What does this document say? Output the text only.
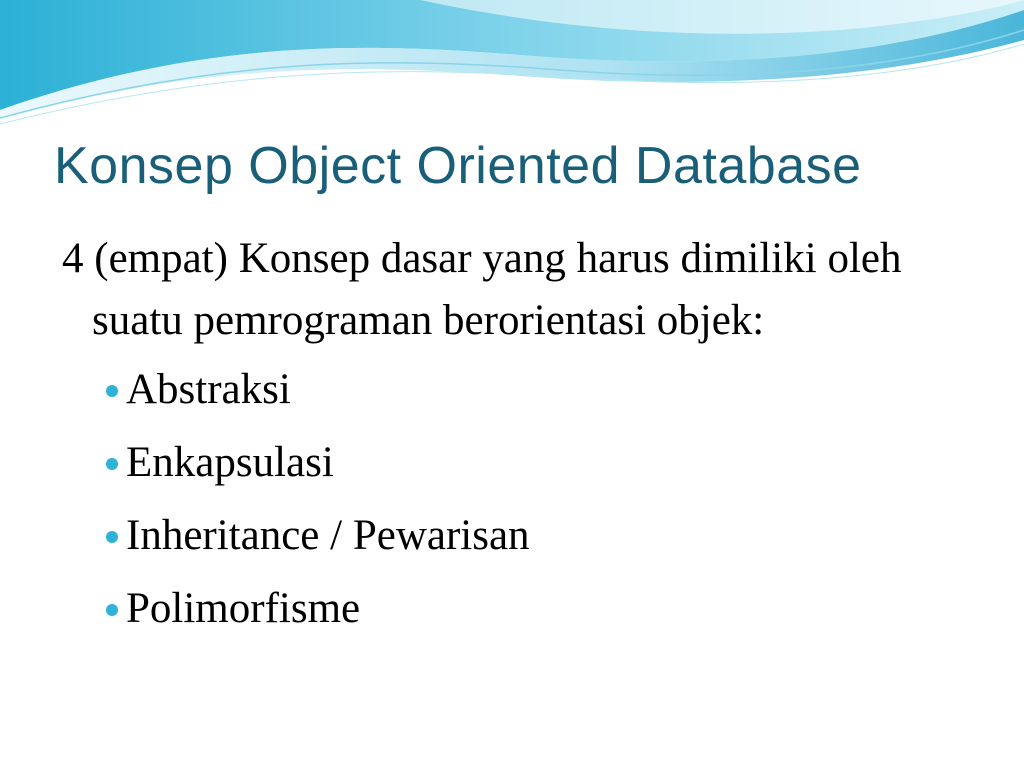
Konsep Object Oriented Database

4 (empat) Konsep dasar yang harus dimiliki oleh suatu pemrograman berorientasi objek:

Abstraksi
Enkapsulasi
Inheritance / Pewarisan
Polimorfisme
